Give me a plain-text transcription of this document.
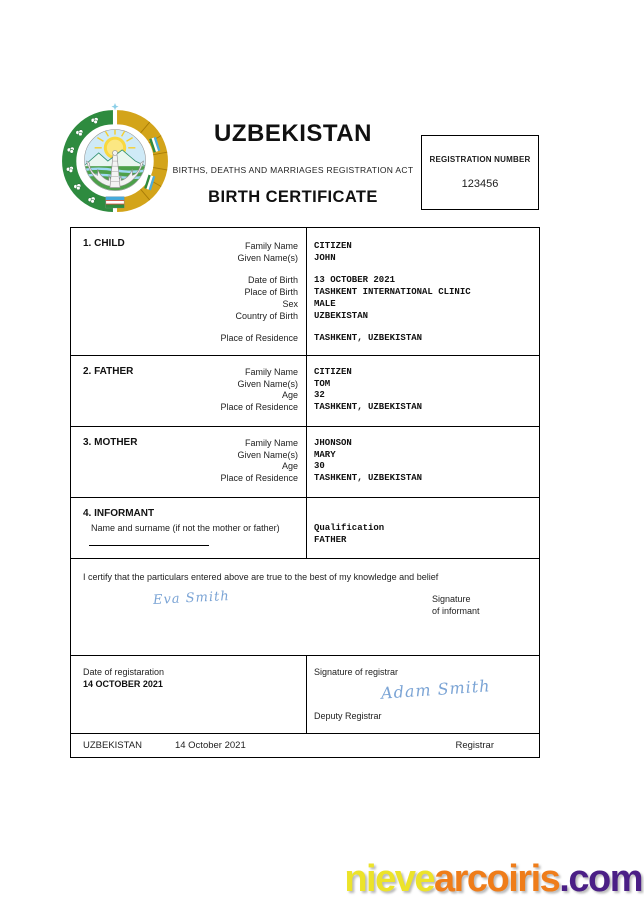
UZBEKISTAN
BIRTHS, DEATHS AND MARRIAGES REGISTRATION ACT
BIRTH CERTIFICATE
REGISTRATION NUMBER
123456
1. CHILD	Family Name	CITIZEN
Given Name(s)	JOHN
Date of Birth	13 OCTOBER 2021
Place of Birth	TASHKENT INTERNATIONAL CLINIC
Sex	MALE
Country of Birth	UZBEKISTAN
Place of Residence	TASHKENT, UZBEKISTAN
2. FATHER	Family Name	CITIZEN
Given Name(s)	TOM
Age	32
Place of Residence	TASHKENT, UZBEKISTAN
3. MOTHER	Family Name	JHONSON
Given Name(s)	MARY
Age	30
Place of Residence	TASHKENT, UZBEKISTAN
4. INFORMANT
Name and surname (if not the mother or father)	Qualification
FATHER
I certify that the particulars entered above are true to the best of my knowledge and belief
Eva Smith	Signature
of informant
Date of registaration
14 OCTOBER 2021
Signature of registrar
Adam Smith
Deputy Registrar
UZBEKISTAN	14 October 2021	Registrar
nievearcoiris.com
